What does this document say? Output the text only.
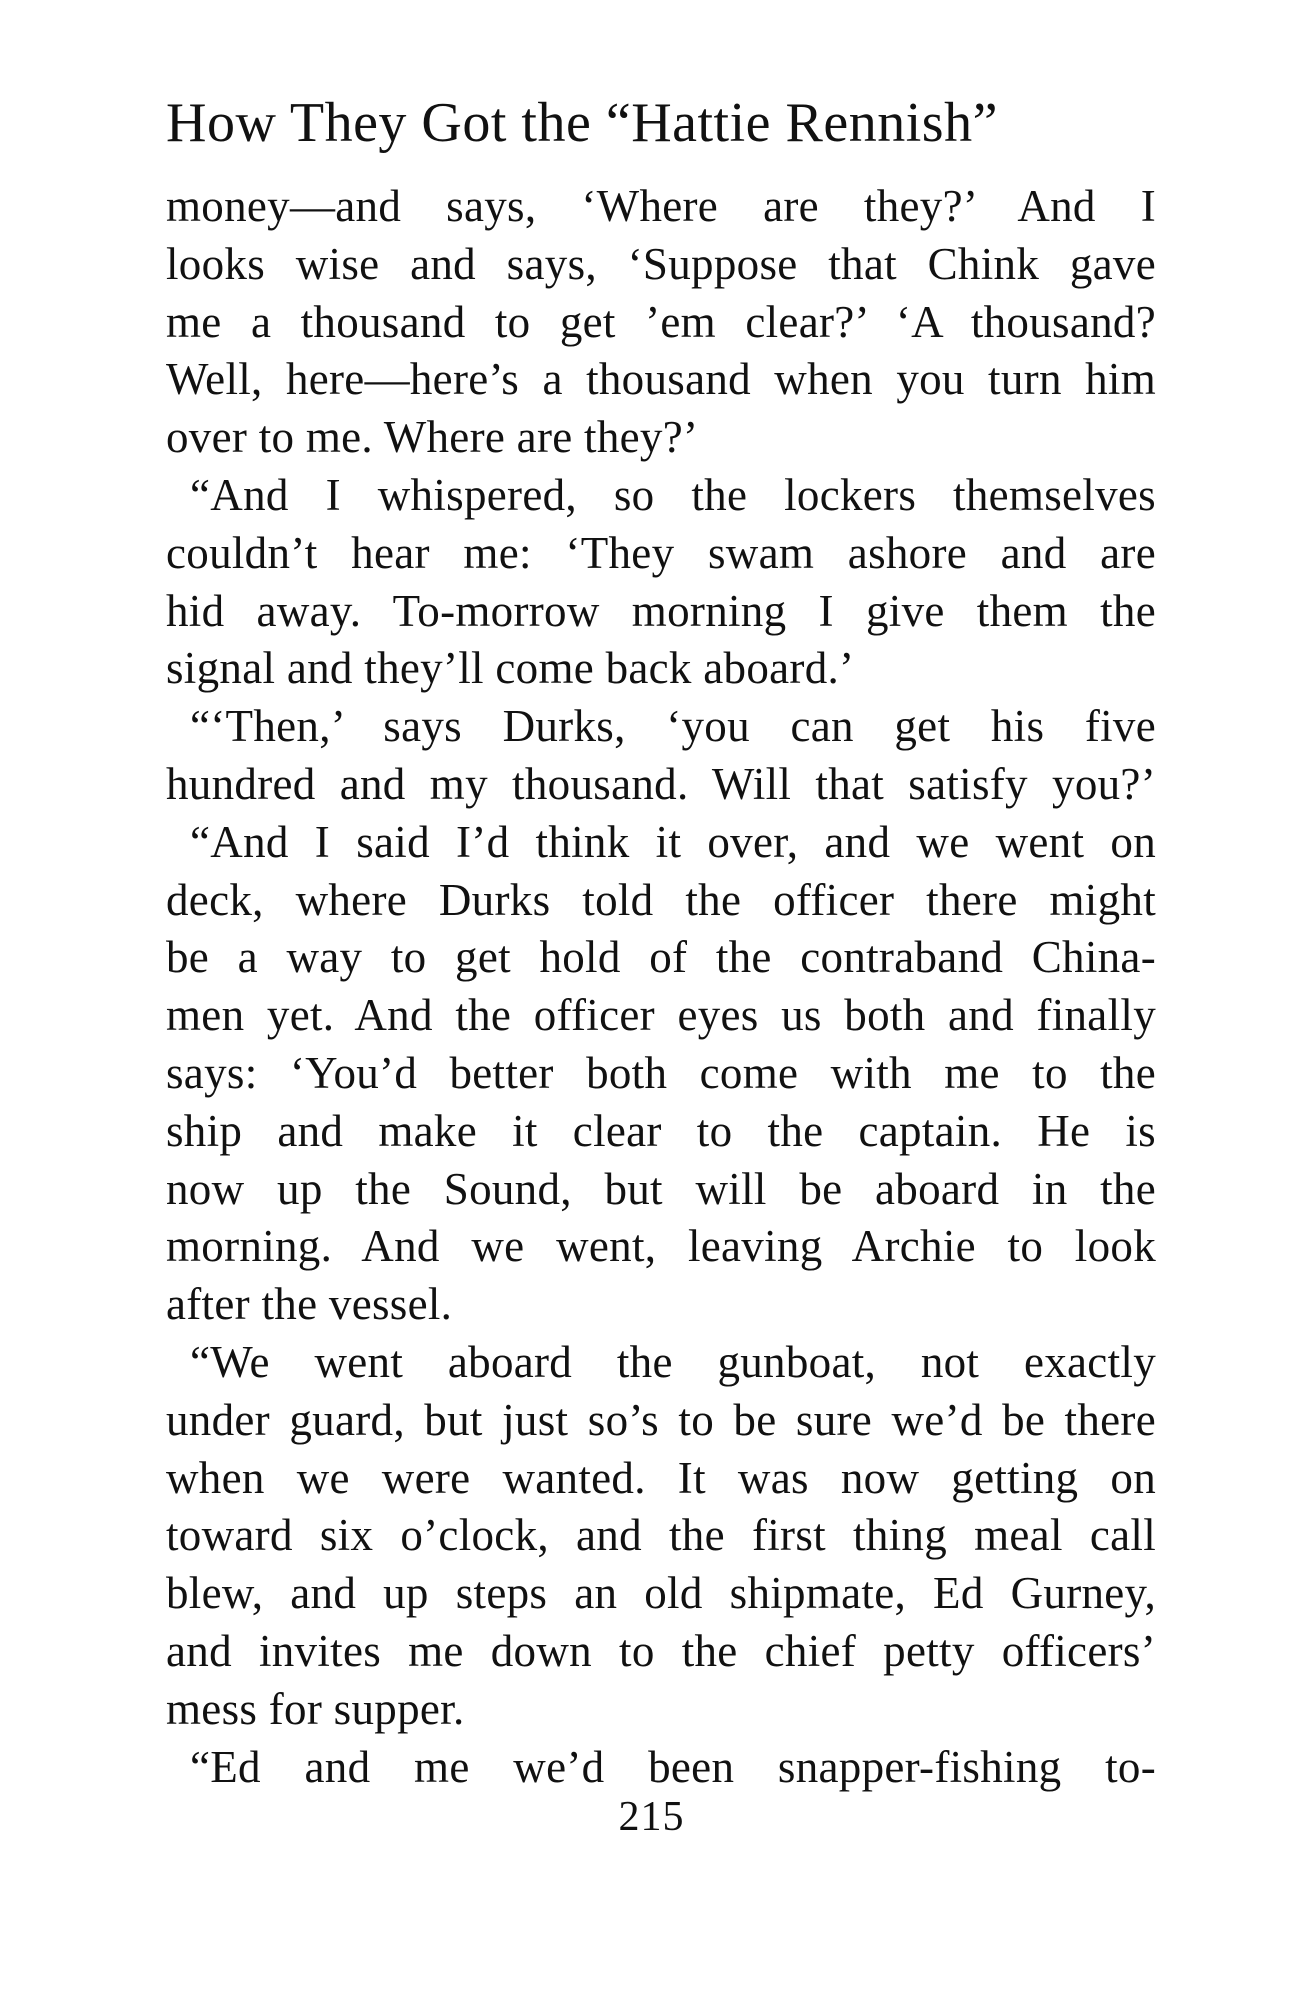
How They Got the “Hattie Rennish”
money—and says, ‘Where are they?’ And I
looks wise and says, ‘Suppose that Chink gave
me a thousand to get ’em clear?’ ‘A thousand?
Well, here—here’s a thousand when you turn him
over to me. Where are they?’
“And I whispered, so the lockers themselves
couldn’t hear me: ‘They swam ashore and are
hid away. To-morrow morning I give them the
signal and they’ll come back aboard.’
“‘Then,’ says Durks, ‘you can get his five
hundred and my thousand. Will that satisfy you?’
“And I said I’d think it over, and we went on
deck, where Durks told the officer there might
be a way to get hold of the contraband China-
men yet. And the officer eyes us both and finally
says: ‘You’d better both come with me to the
ship and make it clear to the captain. He is
now up the Sound, but will be aboard in the
morning. And we went, leaving Archie to look
after the vessel.
“We went aboard the gunboat, not exactly
under guard, but just so’s to be sure we’d be there
when we were wanted. It was now getting on
toward six o’clock, and the first thing meal call
blew, and up steps an old shipmate, Ed Gurney,
and invites me down to the chief petty officers’
mess for supper.
“Ed and me we’d been snapper-fishing to-
215
